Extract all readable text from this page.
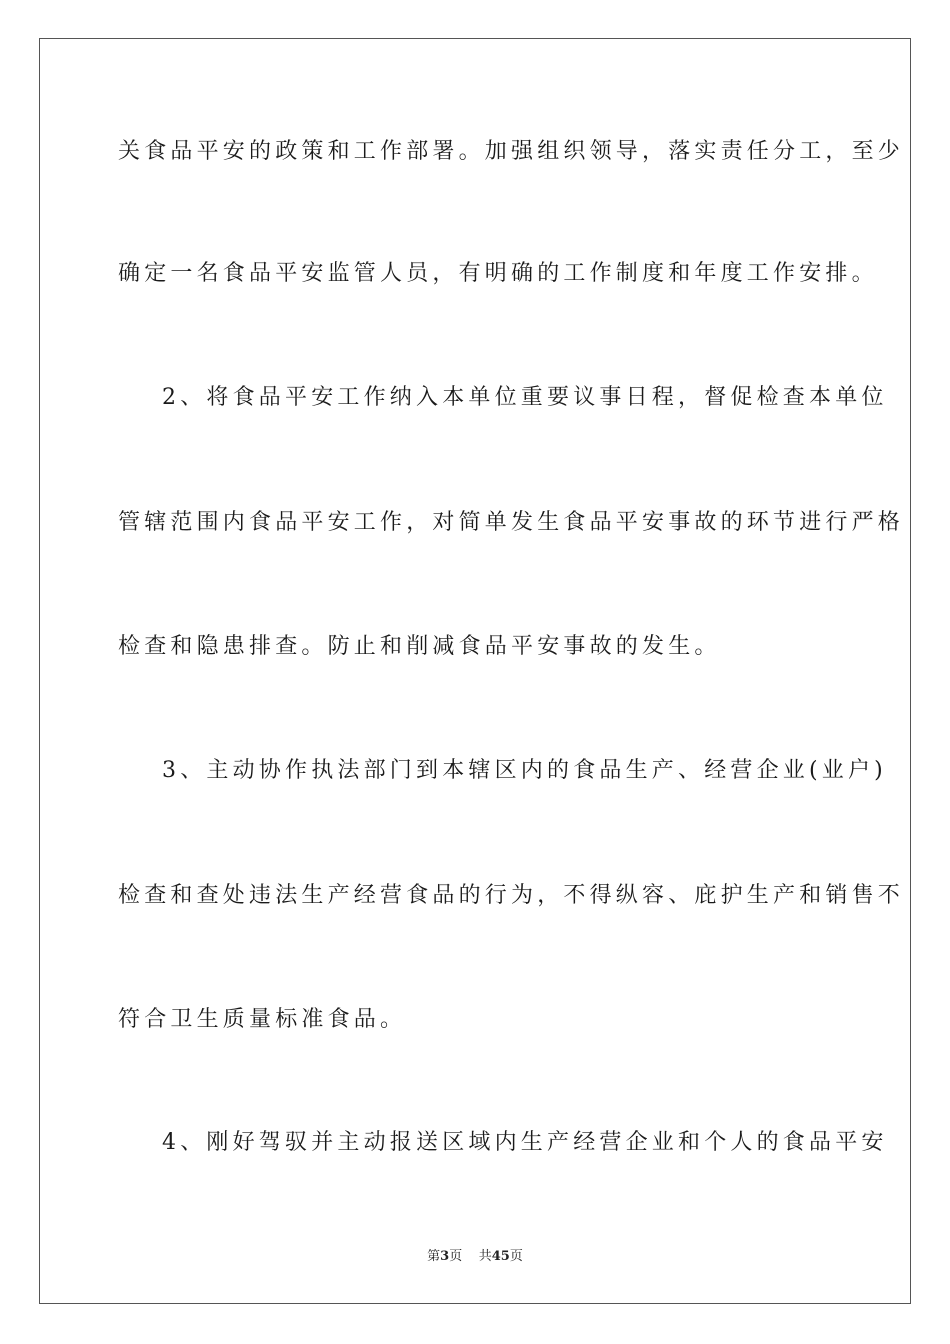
关食品平安的政策和工作部署。加强组织领导，落实责任分工，至少
确定一名食品平安监管人员，有明确的工作制度和年度工作安排。
2、将食品平安工作纳入本单位重要议事日程，督促检查本单位
管辖范围内食品平安工作，对简单发生食品平安事故的环节进行严格
检查和隐患排查。防止和削减食品平安事故的发生。
3、主动协作执法部门到本辖区内的食品生产、经营企业(业户)
检查和查处违法生产经营食品的行为，不得纵容、庇护生产和销售不
符合卫生质量标准食品。
4、刚好驾驭并主动报送区域内生产经营企业和个人的食品平安
第3页 共45页
